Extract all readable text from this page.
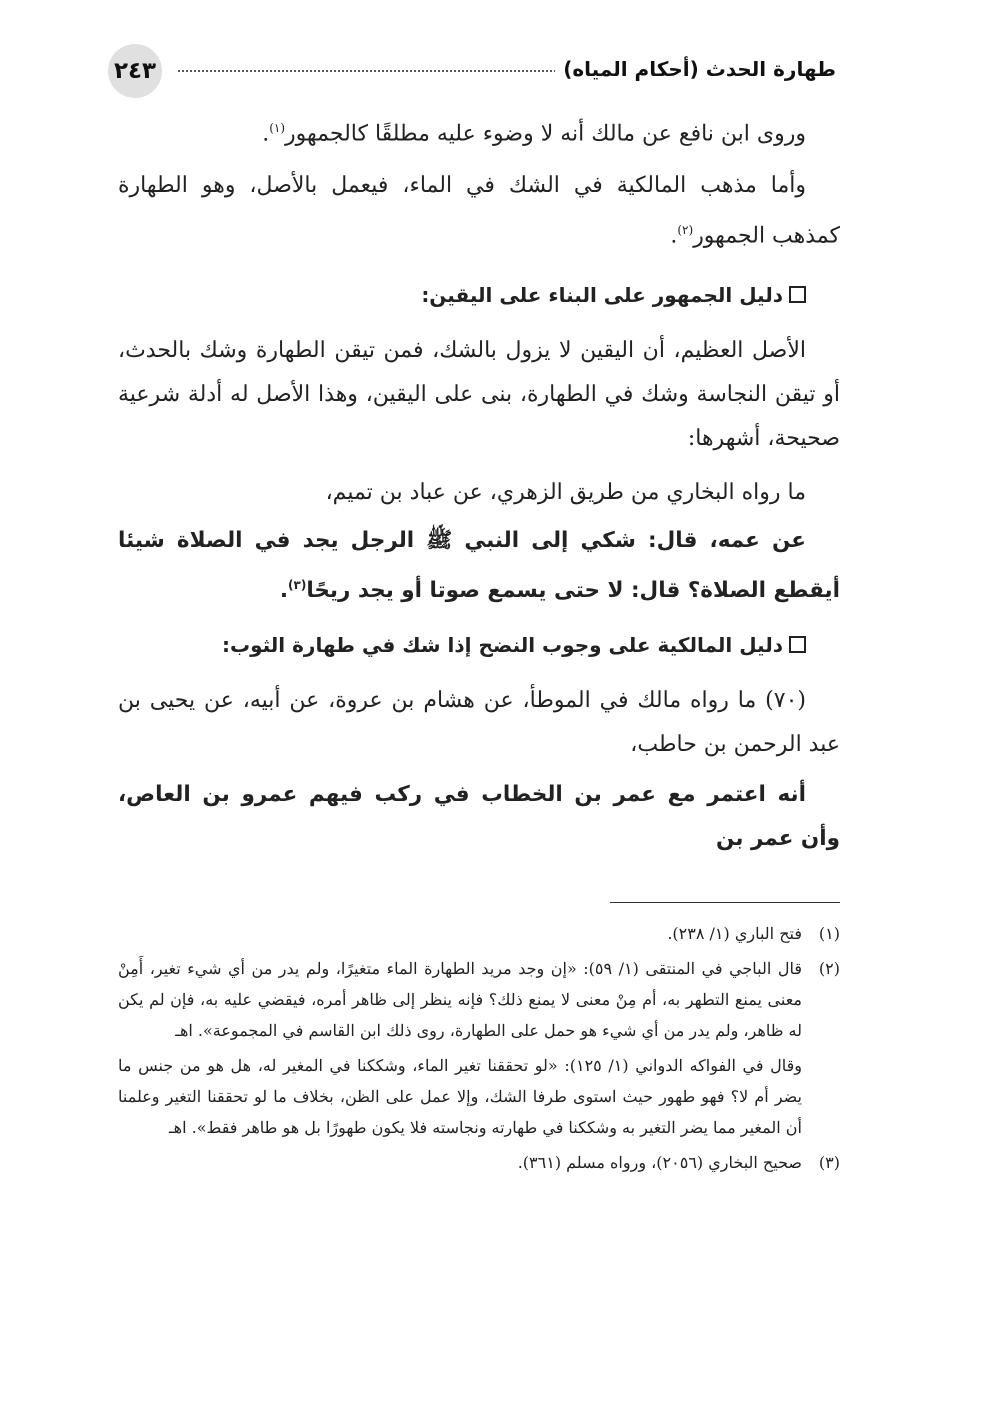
طهارة الحدث (أحكام المياه)
٢٤٣

وروى ابن نافع عن مالك أنه لا وضوء عليه مطلقًا كالجمهور$^{(١)}$.

وأما مذهب المالكية في الشك في الماء، فيعمل بالأصل، وهو الطهارة كمذهب الجمهور$^{(٢)}$.

دليل الجمهور على البناء على اليقين:

الأصل العظيم، أن اليقين لا يزول بالشك، فمن تيقن الطهارة وشك بالحدث، أو تيقن النجاسة وشك في الطهارة، بنى على اليقين، وهذا الأصل له أدلة شرعية صحيحة، أشهرها:

ما رواه البخاري من طريق الزهري، عن عباد بن تميم،

عن عمه، قال: شكي إلى النبي ﷺ الرجل يجد في الصلاة شيئا أيقطع الصلاة؟ قال: لا حتى يسمع صوتا أو يجد ريحًا$^{(٣)}$.

دليل المالكية على وجوب النضح إذا شك في طهارة الثوب:

(٧٠) ما رواه مالك في الموطأ، عن هشام بن عروة، عن أبيه، عن يحيى بن عبد الرحمن بن حاطب،

أنه اعتمر مع عمر بن الخطاب في ركب فيهم عمرو بن العاص، وأن عمر بن

(١)
فتح الباري (١/ ٢٣٨).
(٢)
قال الباجي في المنتقى (١/ ٥٩): «إن وجد مريد الطهارة الماء متغيرًا، ولم يدر من أي شيء تغير، أَمِنْ معنى يمنع التطهر به، أم مِنْ معنى لا يمنع ذلك؟ فإنه ينظر إلى ظاهر أمره، فيقضي عليه به، فإن لم يكن له ظاهر، ولم يدر من أي شيء هو حمل على الطهارة، روى ذلك ابن القاسم في المجموعة». اهـ

وقال في الفواكه الدواني (١/ ١٢٥): «لو تحققنا تغير الماء، وشككنا في المغير له، هل هو من جنس ما يضر أم لا؟ فهو طهور حيث استوى طرفا الشك، وإلا عمل على الظن، بخلاف ما لو تحققنا التغير وعلمنا أن المغير مما يضر التغير به وشككنا في طهارته ونجاسته فلا يكون طهورًا بل هو طاهر فقط». اهـ

(٣)
صحيح البخاري (٢٠٥٦)، ورواه مسلم (٣٦١).
